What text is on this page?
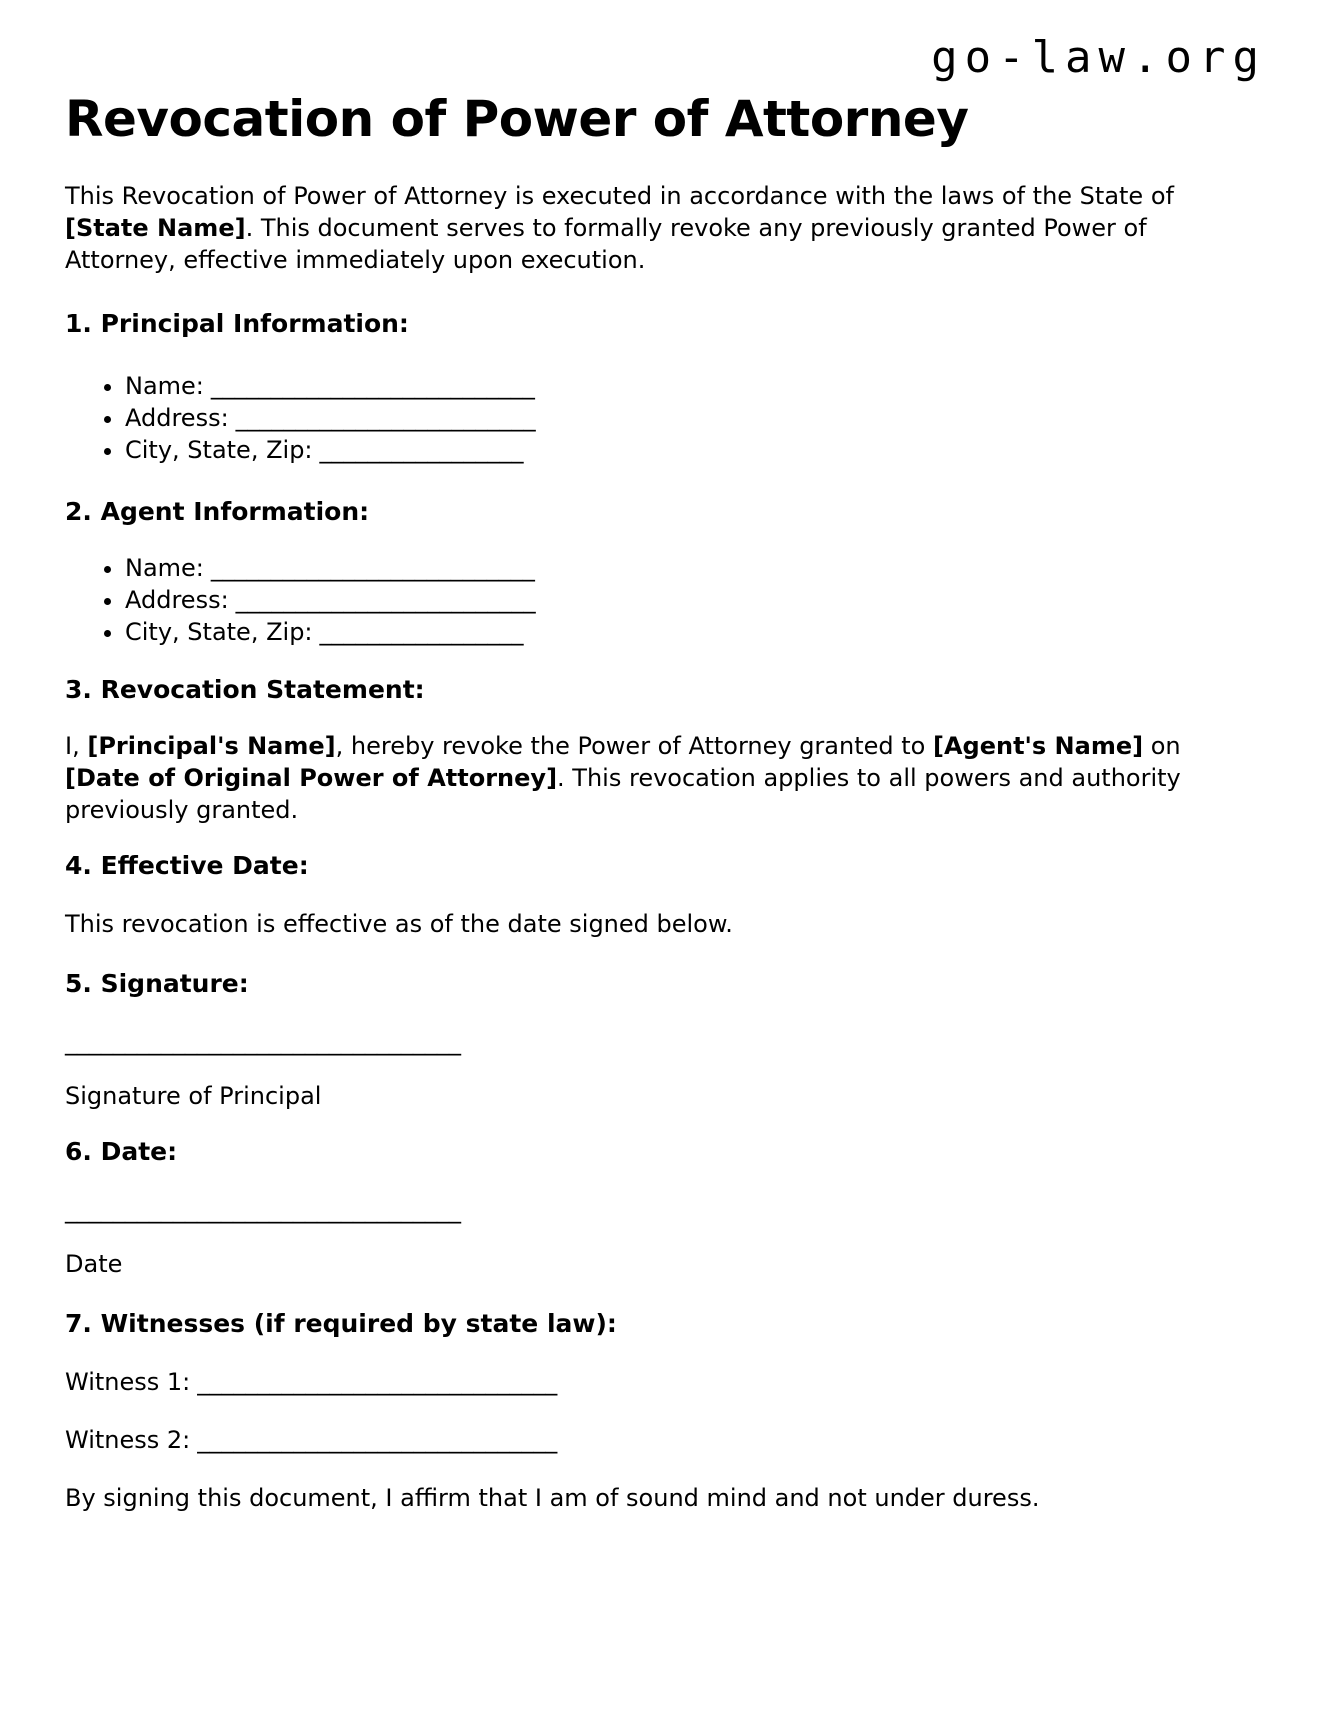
go-law.org
Revocation of Power of Attorney

This Revocation of Power of Attorney is executed in accordance with the laws of the State of [State Name]. This document serves to formally revoke any previously granted Power of Attorney, effective immediately upon execution.

1. Principal Information:
• Name: ___________________________
• Address: _________________________
• City, State, Zip: _________________
2. Agent Information:
• Name: ___________________________
• Address: _________________________
• City, State, Zip: _________________
3. Revocation Statement:

I, [Principal's Name], hereby revoke the Power of Attorney granted to [Agent's Name] on [Date of Original Power of Attorney]. This revocation applies to all powers and authority previously granted.

4. Effective Date:

This revocation is effective as of the date signed below.

5. Signature:

_________________________________

Signature of Principal

6. Date:

_________________________________

Date

7. Witnesses (if required by state law):

Witness 1: ______________________________

Witness 2: ______________________________

By signing this document, I affirm that I am of sound mind and not under duress.
